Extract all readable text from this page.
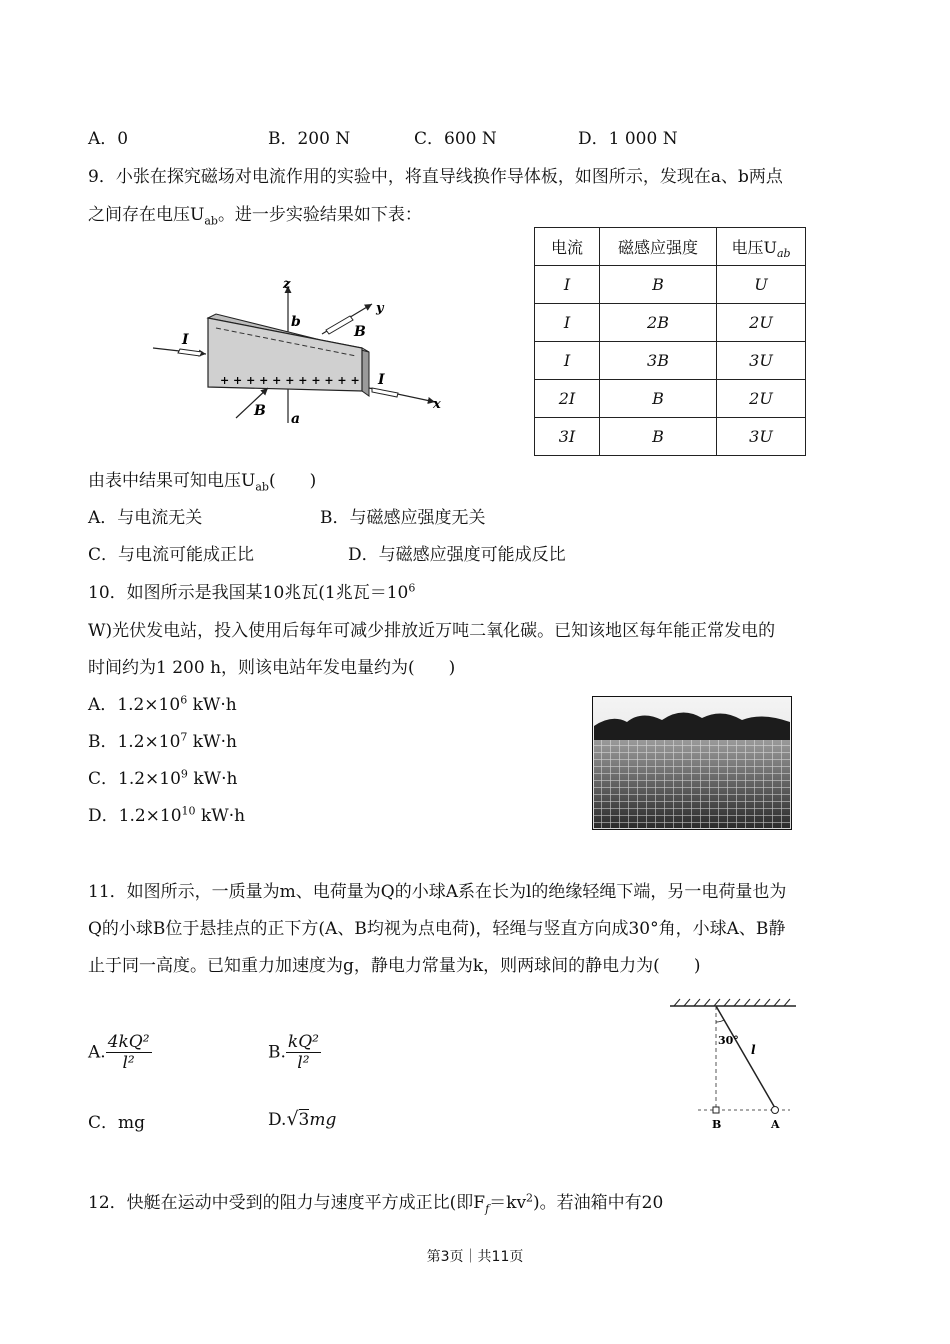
A．0	B．200 N	C．600 N	D．1 000 N
9．小张在探究磁场对电流作用的实验中，将直导线换作导体板，如图所示，发现在a、b两点
之间存在电压$U_{ab}$。进一步实验结果如下表：
z
y
x
b
a
I
I
B
B
+ + + + + + + + + + +
电流	磁感应强度	电压$U_{ab}$
I	B	U
I	2B	2U
I	3B	3U
2I	B	2U
3I	B	3U
由表中结果可知电压$U_{ab}$(　　)
A．与电流无关	B．与磁感应强度无关
C．与电流可能成正比	D．与磁感应强度可能成反比
10．如图所示是我国某10兆瓦(1兆瓦$=10^6$
W)光伏发电站，投入使用后每年可减少排放近万吨二氧化碳。已知该地区每年能正常发电的
时间约为1 200 h，则该电站年发电量约为(　　)
A．$1.2\times 10^6$ kW·h
B．$1.2\times 10^7$ kW·h
C．$1.2\times 10^9$ kW·h
D．$1.2\times 10^{10}$ kW·h
11．如图所示，一质量为m、电荷量为Q的小球A系在长为l的绝缘轻绳下端，另一电荷量也为
Q的小球B位于悬挂点的正下方(A、B均视为点电荷)，轻绳与竖直方向成30°角，小球A、B静
止于同一高度。已知重力加速度为g，静电力常量为k，则两球间的静电力为(　　)
A. $\frac{\text{4kQ²}}{\text{l²}}$	B. $\frac{\text{kQ²}}{\text{l²}}$
C．mg	D.√3mg
30°
l
B	A
12．快艇在运动中受到的阻力与速度平方成正比(即$F_f=kv^2$)。若油箱中有20
第3页｜共11页
